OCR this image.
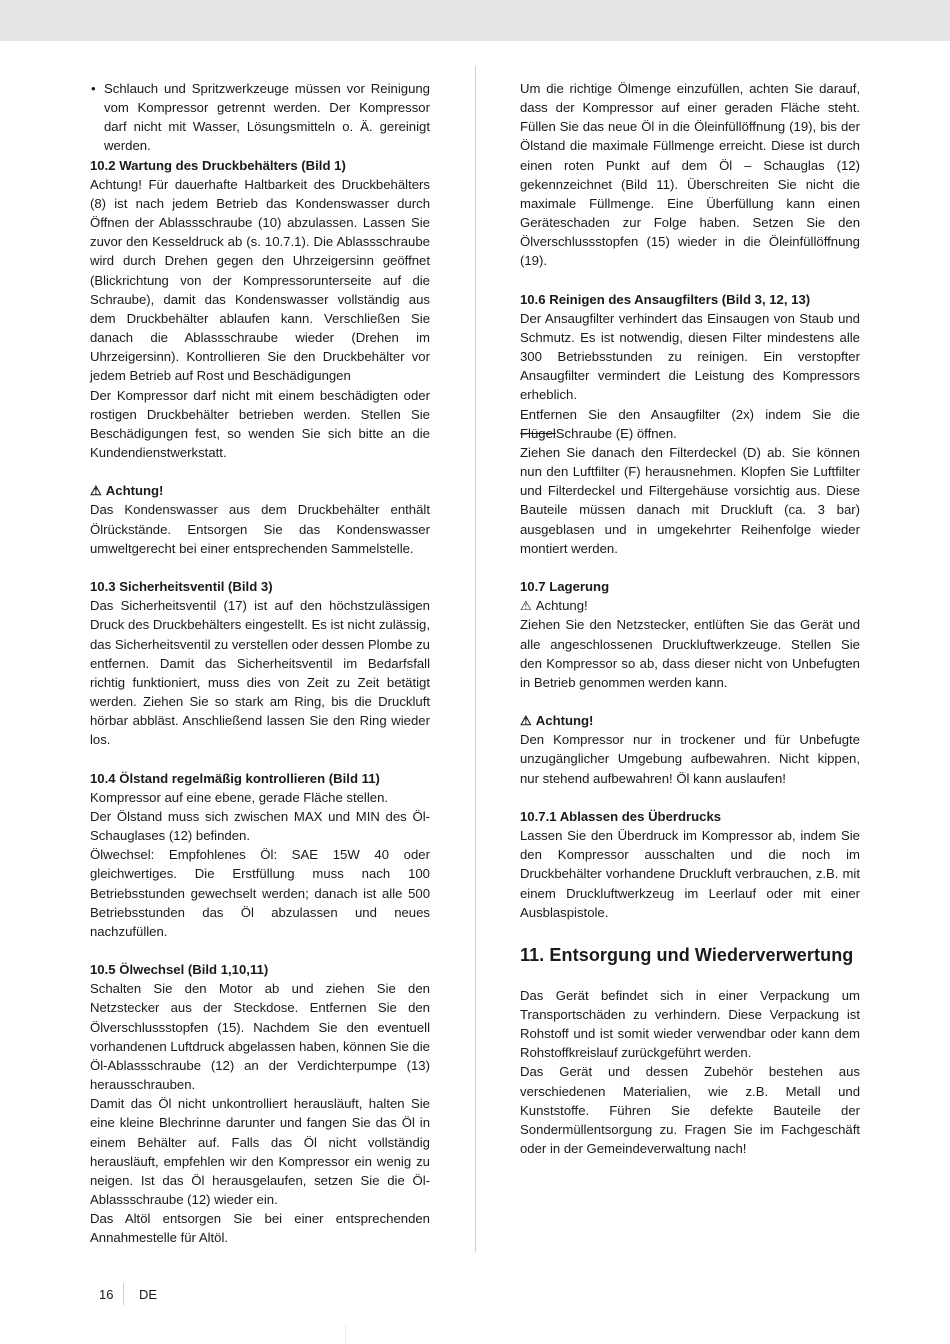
• Schlauch und Spritzwerkzeuge müssen vor Reinigung vom Kompressor getrennt werden. Der Kompressor darf nicht mit Wasser, Lösungsmitteln o. Ä. gereinigt werden.

10.2 Wartung des Druckbehälters (Bild 1)

Achtung! Für dauerhafte Haltbarkeit des Druckbehälters (8) ist nach jedem Betrieb das Kondenswasser durch Öffnen der Ablassschraube (10) abzulassen. Lassen Sie zuvor den Kesseldruck ab (s. 10.7.1). Die Ablassschraube wird durch Drehen gegen den Uhrzeigersinn geöffnet (Blickrichtung von der Kompressorunterseite auf die Schraube), damit das Kondenswasser vollständig aus dem Druckbehälter ablaufen kann. Verschließen Sie danach die Ablassschraube wieder (Drehen im Uhrzeigersinn). Kontrollieren Sie den Druckbehälter vor jedem Betrieb auf Rost und Beschädigungen

Der Kompressor darf nicht mit einem beschädigten oder rostigen Druckbehälter betrieben werden. Stellen Sie Beschädigungen fest, so wenden Sie sich bitte an die Kundendienstwerkstatt.

⚠ Achtung!

Das Kondenswasser aus dem Druckbehälter enthält Ölrückstände. Entsorgen Sie das Kondenswasser umweltgerecht bei einer entsprechenden Sammelstelle.

10.3 Sicherheitsventil (Bild 3)

Das Sicherheitsventil (17) ist auf den höchstzulässigen Druck des Druckbehälters eingestellt. Es ist nicht zulässig, das Sicherheitsventil zu verstellen oder dessen Plombe zu entfernen. Damit das Sicherheitsventil im Bedarfsfall richtig funktioniert, muss dies von Zeit zu Zeit betätigt werden. Ziehen Sie so stark am Ring, bis die Druckluft hörbar abbläst. Anschließend lassen Sie den Ring wieder los.

10.4 Ölstand regelmäßig kontrollieren (Bild 11)

Kompressor auf eine ebene, gerade Fläche stellen.

Der Ölstand muss sich zwischen MAX und MIN des Öl-Schauglases (12) befinden.

Ölwechsel: Empfohlenes Öl: SAE 15W 40 oder gleichwertiges. Die Erstfüllung muss nach 100 Betriebsstunden gewechselt werden; danach ist alle 500 Betriebsstunden das Öl abzulassen und neues nachzufüllen.

10.5 Ölwechsel (Bild 1,10,11)

Schalten Sie den Motor ab und ziehen Sie den Netzstecker aus der Steckdose. Entfernen Sie den Ölverschlussstopfen (15). Nachdem Sie den eventuell vorhandenen Luftdruck abgelassen haben, können Sie die Öl-Ablassschraube (12) an der Verdichterpumpe (13) herausschrauben.

Damit das Öl nicht unkontrolliert herausläuft, halten Sie eine kleine Blechrinne darunter und fangen Sie das Öl in einem Behälter auf. Falls das Öl nicht vollständig herausläuft, empfehlen wir den Kompressor ein wenig zu neigen. Ist das Öl herausgelaufen, setzen Sie die Öl-Ablassschraube (12) wieder ein.

Das Altöl entsorgen Sie bei einer entsprechenden Annahmestelle für Altöl.

Um die richtige Ölmenge einzufüllen, achten Sie darauf, dass der Kompressor auf einer geraden Fläche steht. Füllen Sie das neue Öl in die Öleinfüllöffnung (19), bis der Ölstand die maximale Füllmenge erreicht. Diese ist durch einen roten Punkt auf dem Öl – Schauglas (12) gekennzeichnet (Bild 11). Überschreiten Sie nicht die maximale Füllmenge. Eine Überfüllung kann einen Geräteschaden zur Folge haben. Setzen Sie den Ölverschlussstopfen (15) wieder in die Öleinfüllöffnung (19).

10.6 Reinigen des Ansaugfilters (Bild 3, 12, 13)

Der Ansaugfilter verhindert das Einsaugen von Staub und Schmutz. Es ist notwendig, diesen Filter mindestens alle 300 Betriebsstunden zu reinigen. Ein verstopfter Ansaugfilter vermindert die Leistung des Kompressors erheblich.

Entfernen Sie den Ansaugfilter (2x) indem Sie die FlügelSchraube (E) öffnen.

Ziehen Sie danach den Filterdeckel (D) ab. Sie können nun den Luftfilter (F) herausnehmen. Klopfen Sie Luftfilter und Filterdeckel und Filtergehäuse vorsichtig aus. Diese Bauteile müssen danach mit Druckluft (ca. 3 bar) ausgeblasen und in umgekehrter Reihenfolge wieder montiert werden.

10.7 Lagerung

⚠ Achtung!

Ziehen Sie den Netzstecker, entlüften Sie das Gerät und alle angeschlossenen Druckluftwerkzeuge. Stellen Sie den Kompressor so ab, dass dieser nicht von Unbefugten in Betrieb genommen werden kann.

⚠ Achtung!

Den Kompressor nur in trockener und für Unbefugte unzugänglicher Umgebung aufbewahren. Nicht kippen, nur stehend aufbewahren! Öl kann auslaufen!

10.7.1 Ablassen des Überdrucks

Lassen Sie den Überdruck im Kompressor ab, indem Sie den Kompressor ausschalten und die noch im Druckbehälter vorhandene Druckluft verbrauchen, z.B. mit einem Druckluftwerkzeug im Leerlauf oder mit einer Ausblaspistole.

11. Entsorgung und Wiederverwertung

Das Gerät befindet sich in einer Verpackung um Transportschäden zu verhindern. Diese Verpackung ist Rohstoff und ist somit wieder verwendbar oder kann dem Rohstoffkreislauf zurückgeführt werden.

Das Gerät und dessen Zubehör bestehen aus verschiedenen Materialien, wie z.B. Metall und Kunststoffe. Führen Sie defekte Bauteile der Sondermüllentsorgung zu. Fragen Sie im Fachgeschäft oder in der Gemeindeverwaltung nach!

16	DE
